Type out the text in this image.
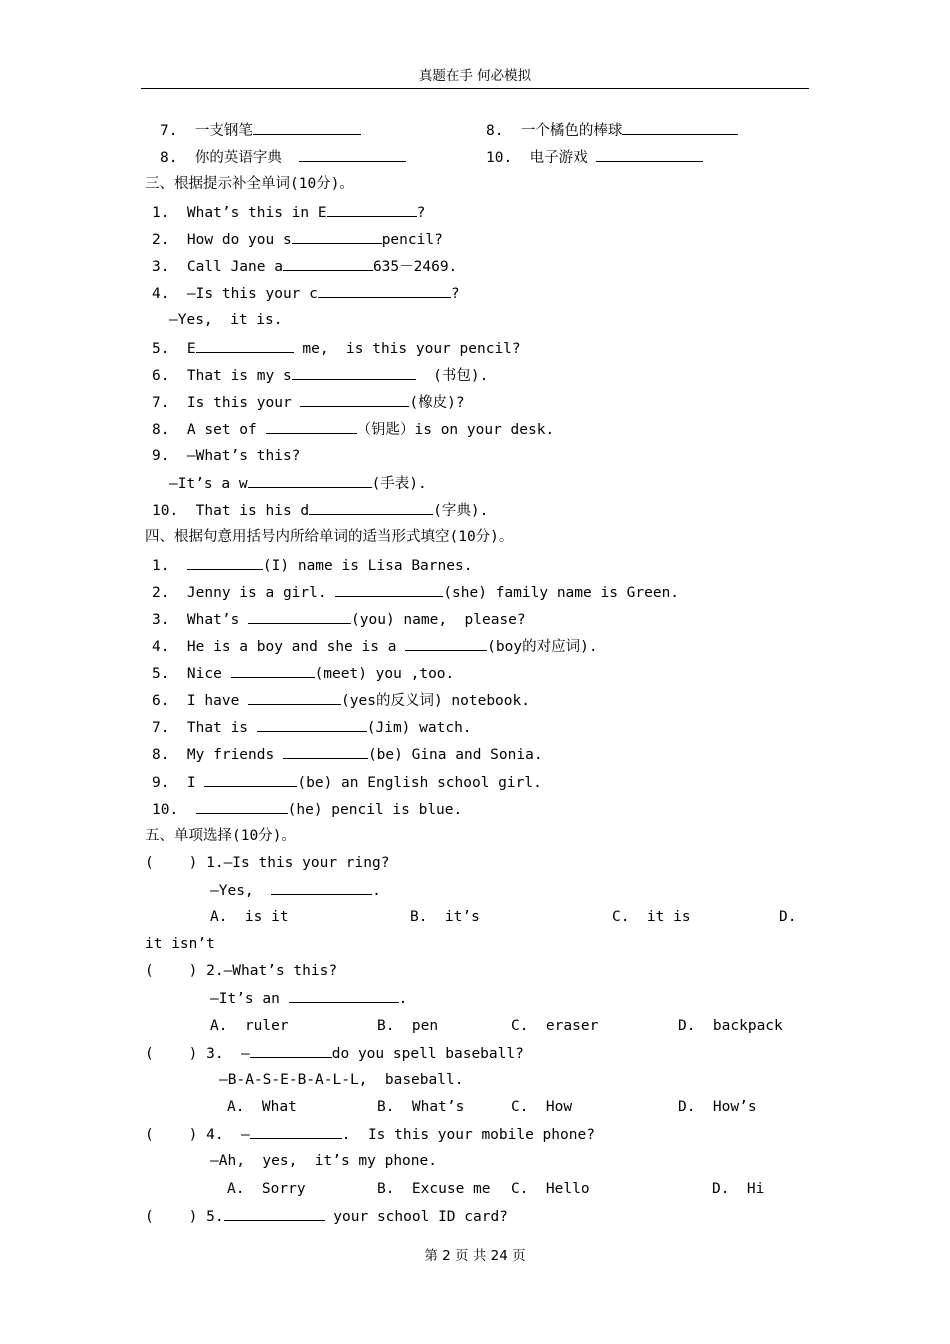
真题在手 何必模拟
7.  一支钢笔	8.  一个橘色的棒球
8.  你的英语字典	10.  电子游戏
三、根据提示补全单词(10分)。
1.  What’s this in E	?
2.  How do you s	pencil?
3.  Call Jane a	635－2469.
4.  —Is this your c	?
—Yes,  it is.
5.  E	me,  is this your pencil?
6.  That is my s	(书包).
7.  Is this your	(橡皮)?
8.  A set of	（钥匙）is on your desk.
9.  —What’s this?
—It’s a w	(手表).
10.  That is his d	(字典).
四、根据句意用括号内所给单词的适当形式填空(10分)。
1.	(I) name is Lisa Barnes.
2.  Jenny is a girl.	(she) family name is Green.
3.  What’s	(you) name,  please?
4.  He is a boy and she is a	(boy的对应词).
5.  Nice	(meet) you ,too.
6.  I have	(yes的反义词) notebook.
7.  That is	(Jim) watch.
8.  My friends	(be) Gina and Sonia.
9.  I	(be) an English school girl.
10.	(he) pencil is blue.
五、单项选择(10分)。
(    ) 1.—Is this your ring?
—Yes,	.
A.  is it	B.  it’s	C.  it is	D.
it isn’t
(    ) 2.—What’s this?
—It’s an	.
A.  ruler	B.  pen	C.  eraser	D.  backpack
(    ) 3.  —	do you spell baseball?
—B-A-S-E-B-A-L-L,  baseball.
A.  What	B.  What’s	C.  How	D.  How’s
(    ) 4.  —	.  Is this your mobile phone?
—Ah,  yes,  it’s my phone.
A.  Sorry	B.  Excuse me C.  Hello	D.  Hi
(    ) 5.	your school ID card?
第 2 页 共 24 页
